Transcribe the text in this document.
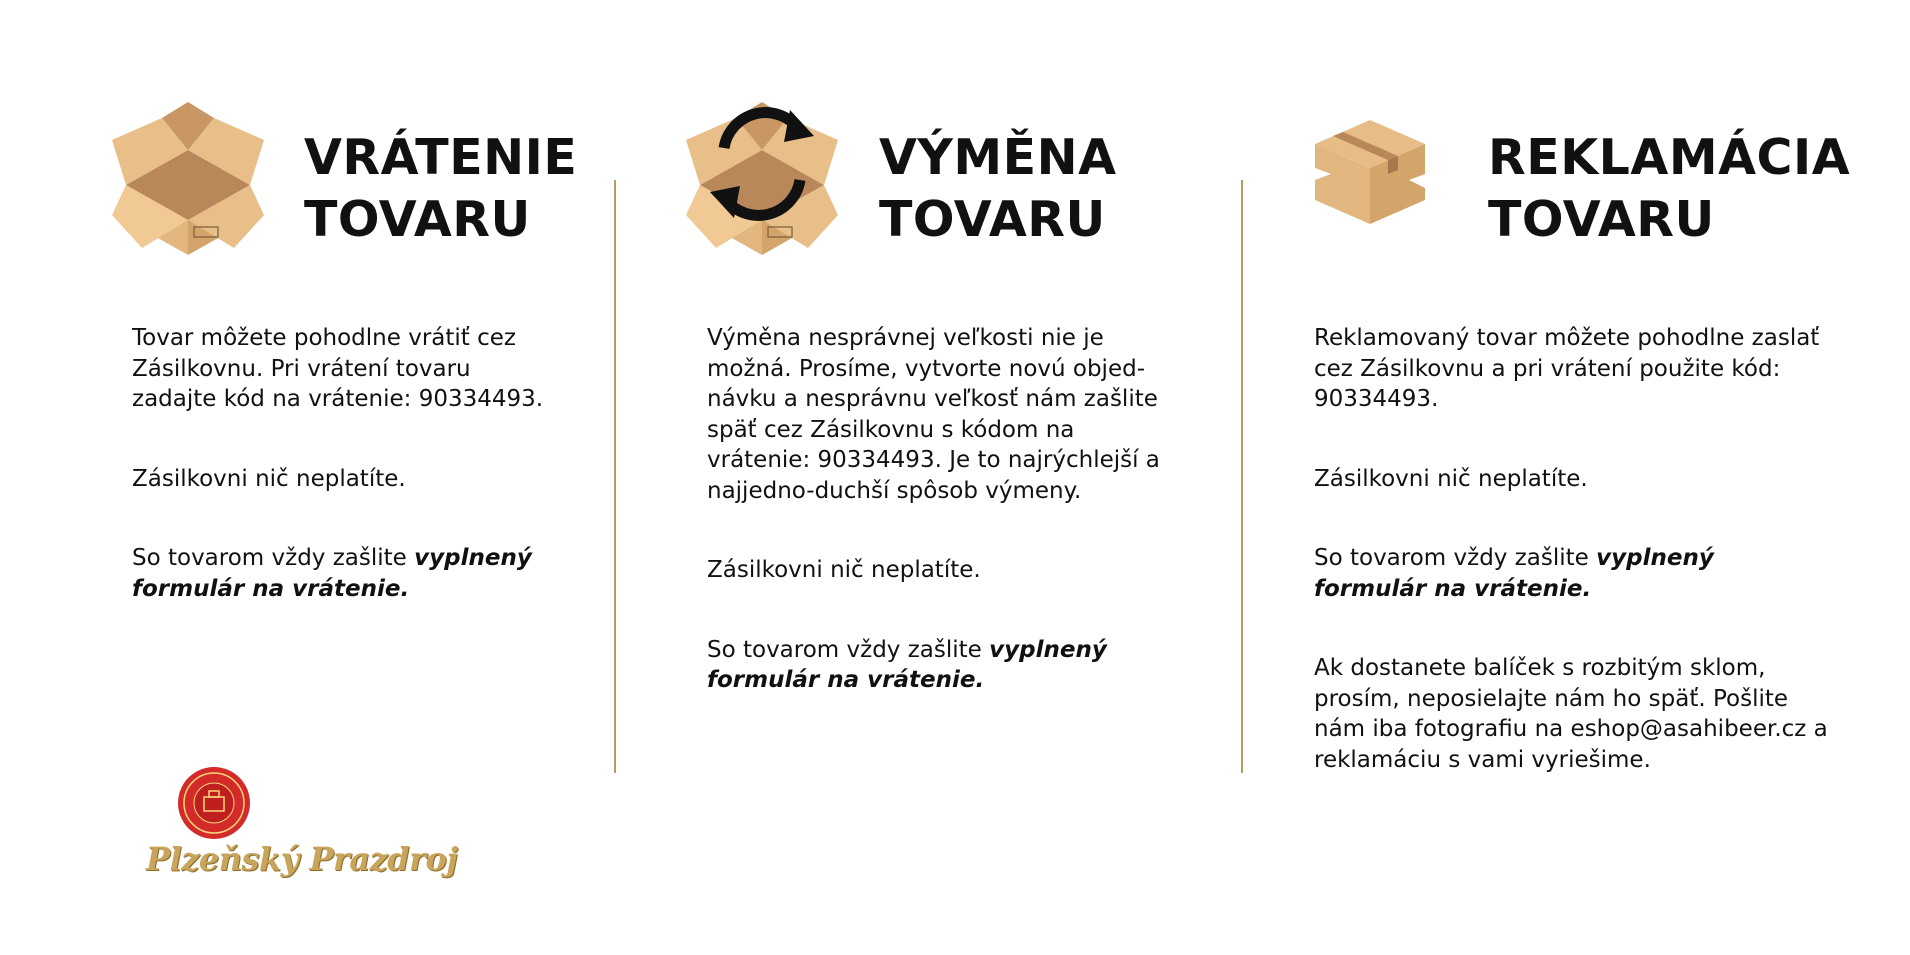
VRÁTENIE
TOVARU

Tovar môžete pohodlne vrátiť cez Zásilkovnu. Pri vrátení tovaru zadajte kód na vrátenie: 90334493.

Zásilkovni nič neplatíte.

So tovarom vždy zašlite vyplnený formulár na vrátenie.

VÝMĚNA
TOVARU

Výměna nesprávnej veľkosti nie je možná. Prosíme, vytvorte novú objed-návku a nesprávnu veľkosť nám zašlite späť cez Zásilkovnu s kódom na vrátenie: 90334493. Je to najrýchlejší a najjedno-duchší spôsob výmeny.

Zásilkovni nič neplatíte.

So tovarom vždy zašlite vyplnený formulár na vrátenie.

REKLAMÁCIA
TOVARU

Reklamovaný tovar môžete pohodlne zaslať cez Zásilkovnu a pri vrátení použite kód: 90334493.

Zásilkovni nič neplatíte.

So tovarom vždy zašlite vyplnený formulár na vrátenie.

Ak dostanete balíček s rozbitým sklom, prosím, neposielajte nám ho späť. Pošlite nám iba fotografiu na eshop@asahibeer.cz a reklamáciu s vami vyriešime.

Plzeňský Prazdroj
